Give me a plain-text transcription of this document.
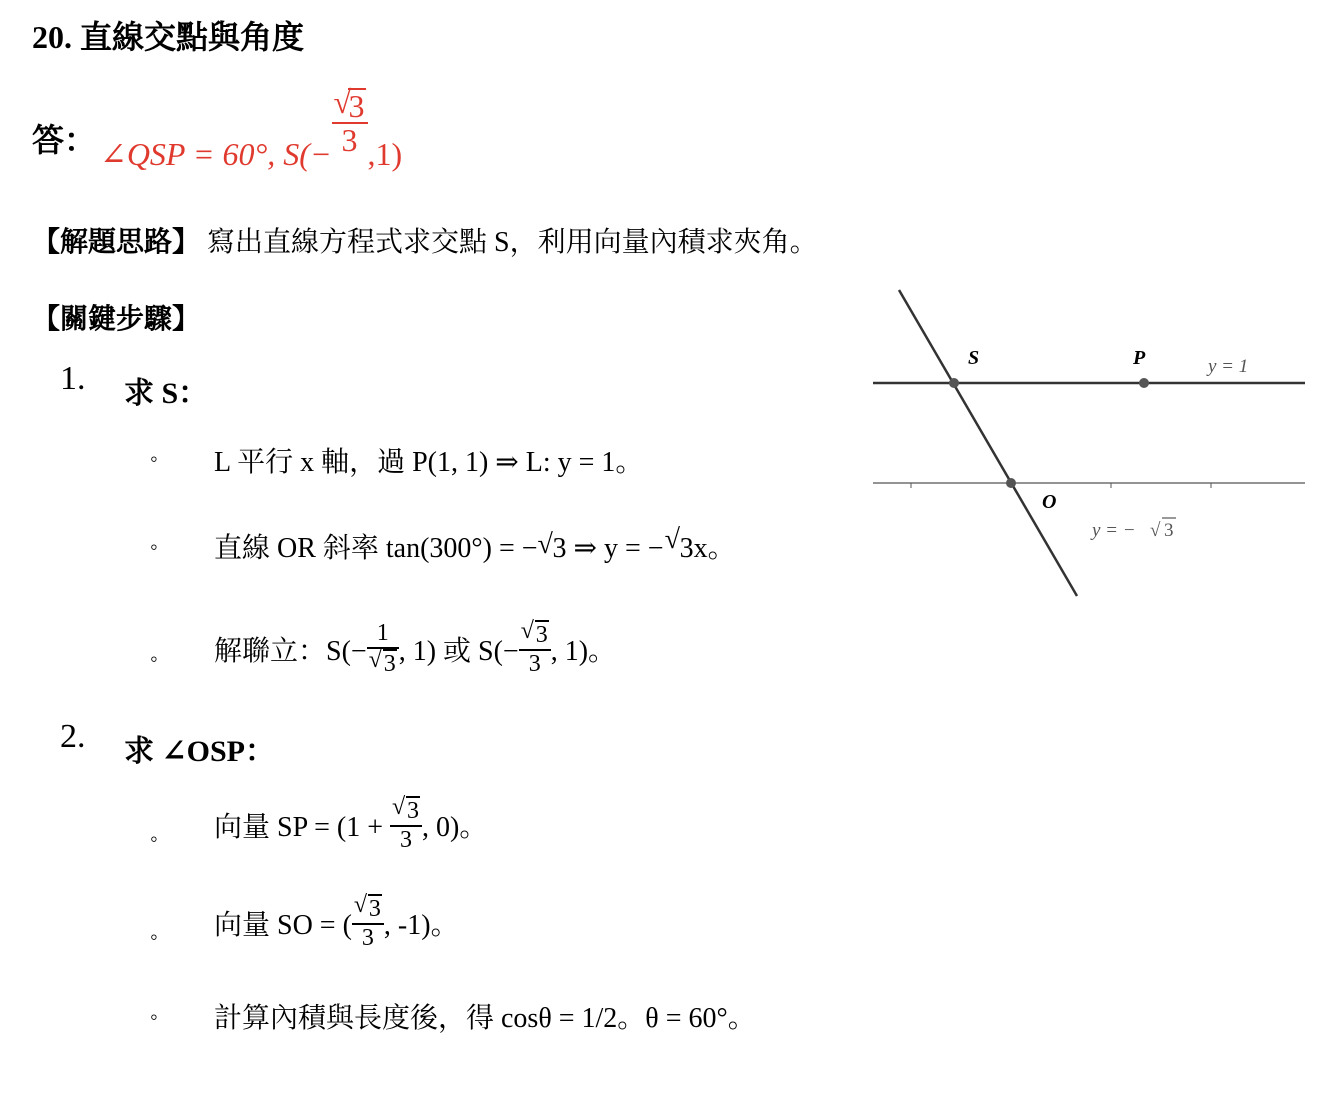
20. 直線交點與角度
答： ∠QSP = 60°, S(− √
3
3 ,1)
【解題思路】 寫出直線方程式求交點 S，利用向量內積求夾角。
【關鍵步驟】
1. 求 S：
◦ L 平行 x 軸，過 P(1, 1) ⇒ L: y = 1。
◦ 直線 OR 斜率 tan(300°) = − √ 3 ⇒ y = − √ 3x。
◦ 解聯立：$S(- \frac{1}{√ 3}$ , 1) 或 $S(- \frac{√ 3}{3}$ , 1)。
2. 求 ∠OSP：
◦ 向量 SP = ($1 + \frac{√ 3}{3}$ , 0)。
◦ 向量 SO = ( $\frac{√ 3}{3}$ , -1)。
◦ 計算內積與長度後，得 cosθ = 1/2。θ = 60°。
S	P
O
y = 1
y = − √ 3
